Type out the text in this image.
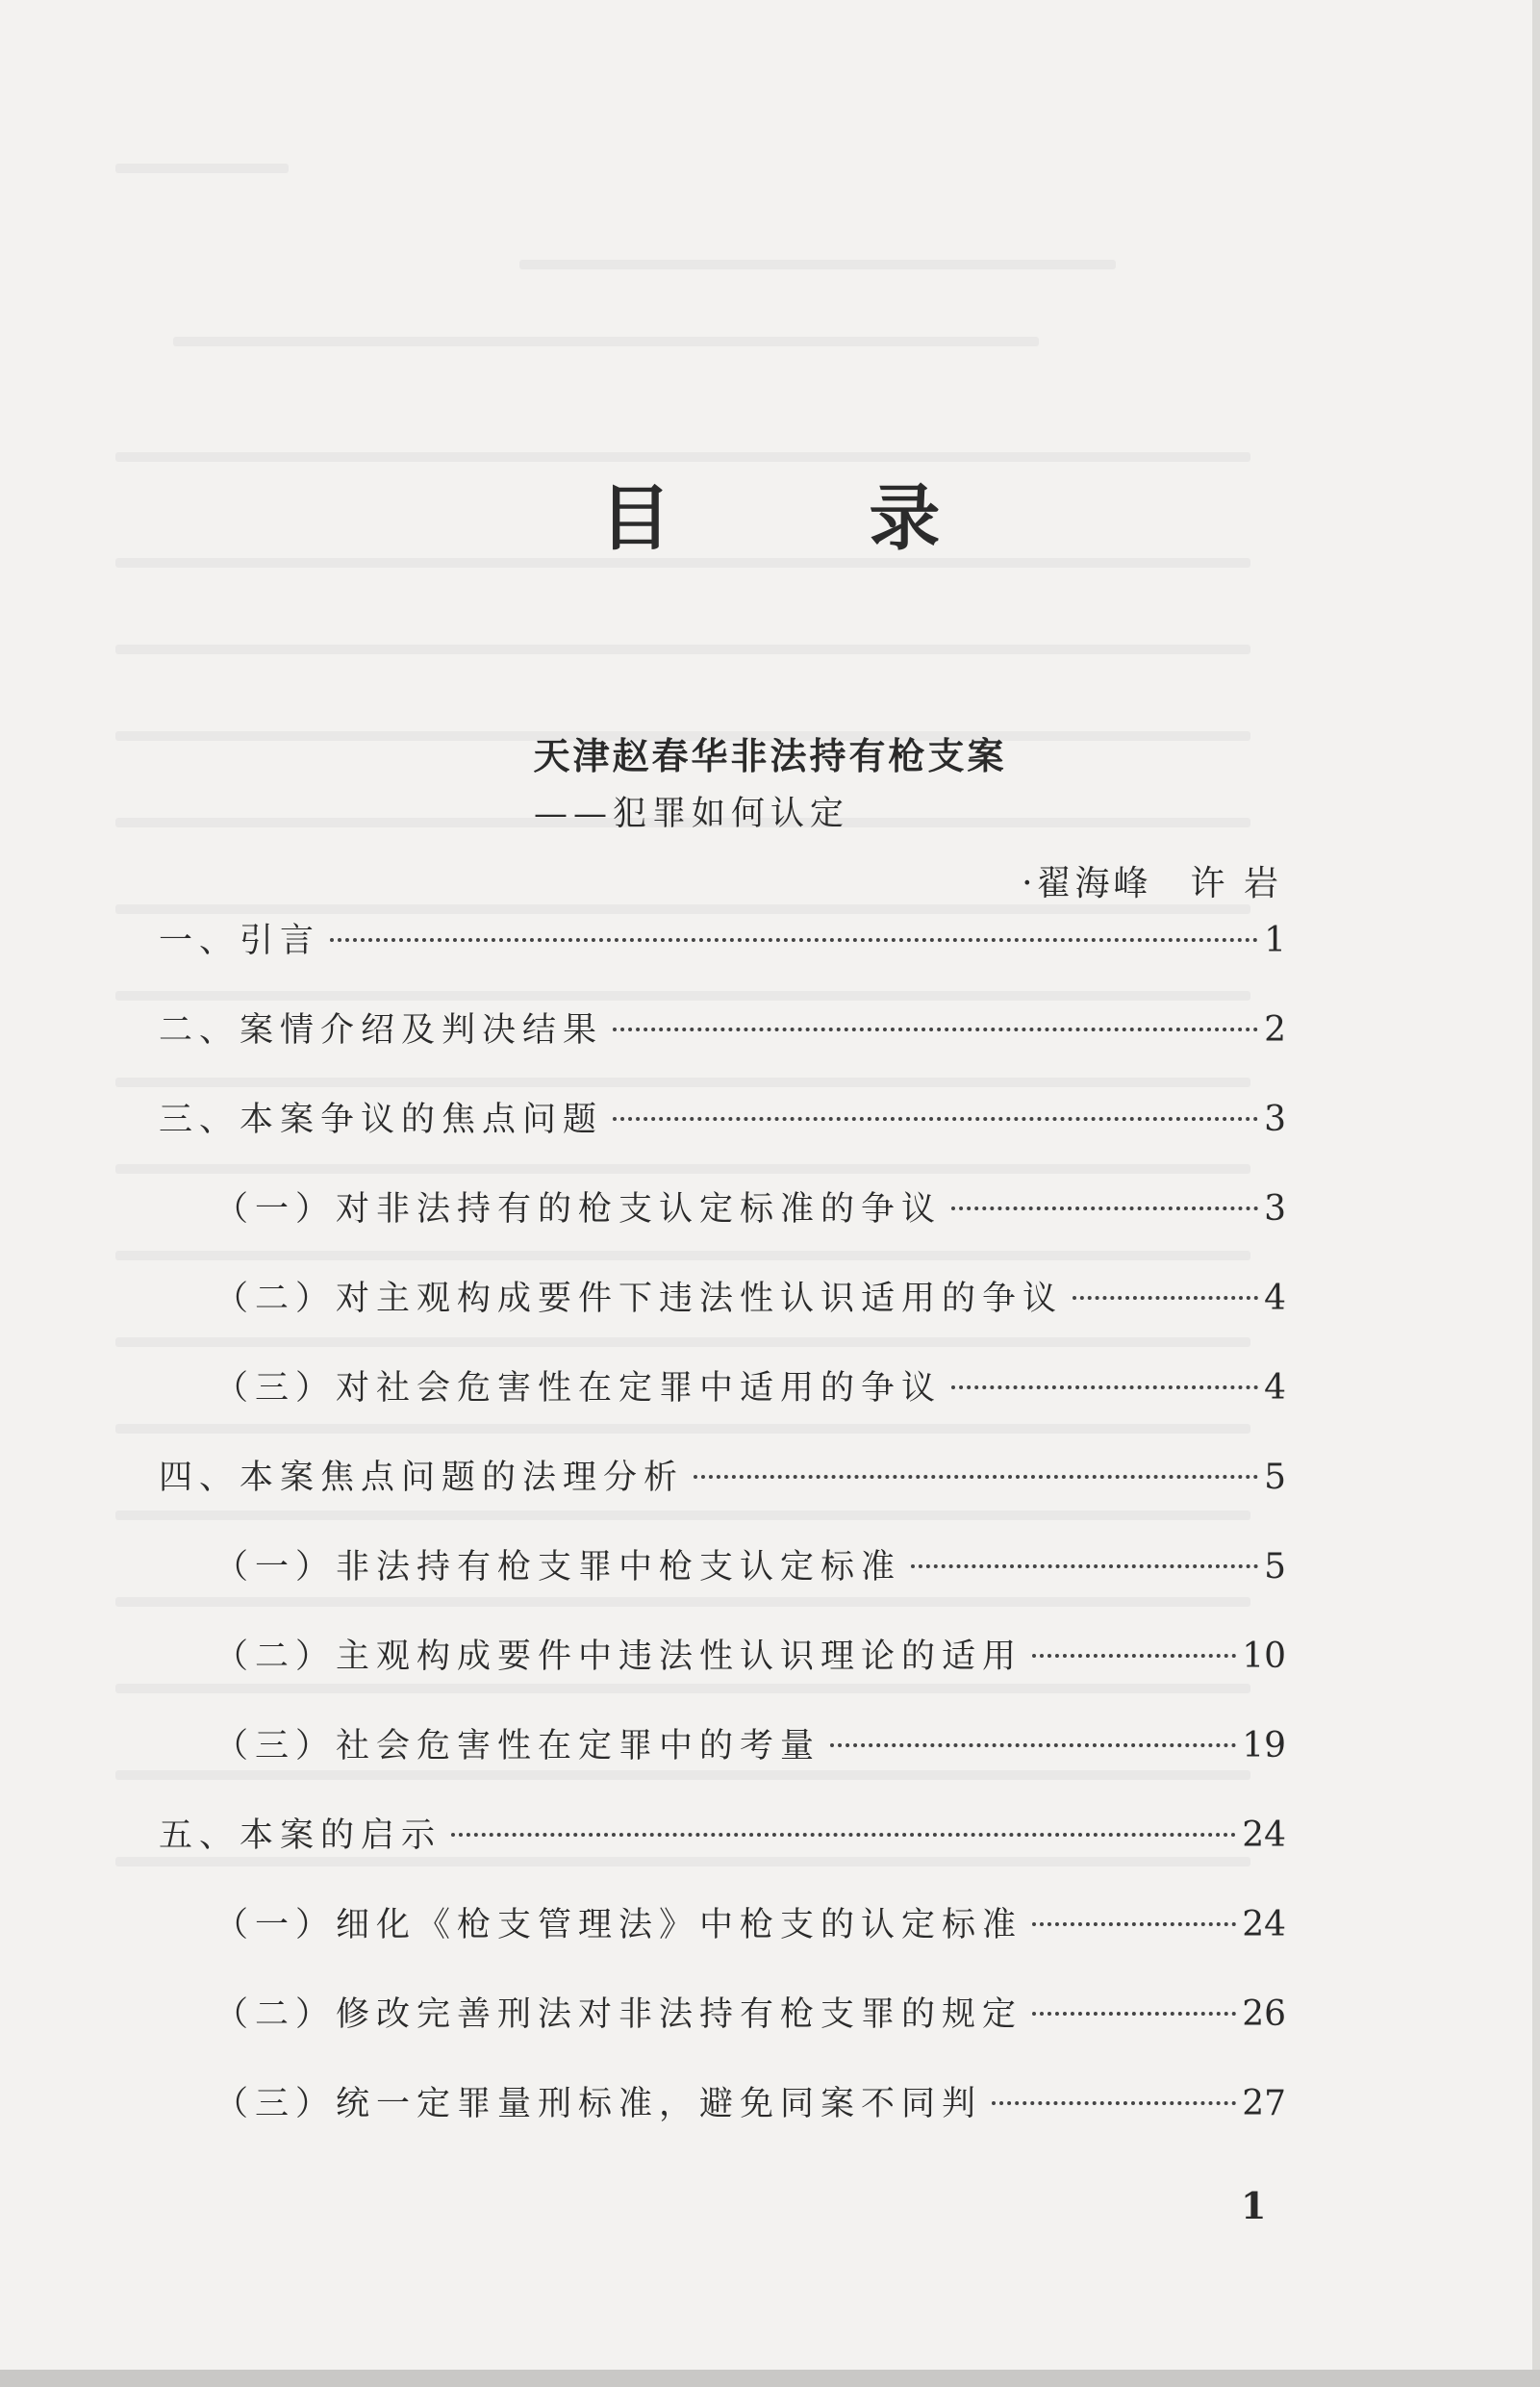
目 录
天津赵春华非法持有枪支案
——犯罪如何认定
·翟海峰 许 岩
一、引言	1
二、案情介绍及判决结果	2
三、本案争议的焦点问题	3
（一）对非法持有的枪支认定标准的争议	3
（二）对主观构成要件下违法性认识适用的争议	4
（三）对社会危害性在定罪中适用的争议	4
四、本案焦点问题的法理分析	5
（一）非法持有枪支罪中枪支认定标准	5
（二）主观构成要件中违法性认识理论的适用	10
（三）社会危害性在定罪中的考量	19
五、本案的启示	24
（一）细化《枪支管理法》中枪支的认定标准	24
（二）修改完善刑法对非法持有枪支罪的规定	26
（三）统一定罪量刑标准，避免同案不同判	27
1
